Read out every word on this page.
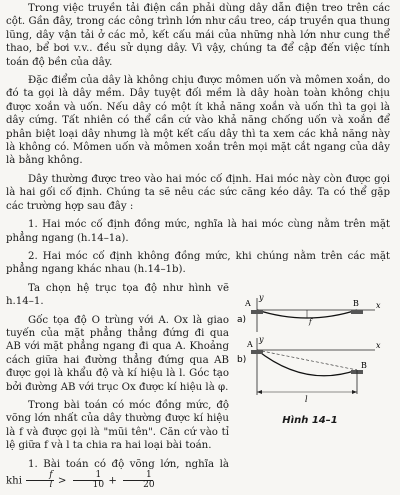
Trong việc truyền tải điện cần phải dùng dây dẫn điện treo trên các cột. Gần đây, trong các công trình lớn như cầu treo, cáp truyền qua thung lũng, dây vận tải ở các mỏ, kết cấu mái của những nhà lớn như cung thể thao, bể bơi v.v.. đều sử dụng dây. Vì vậy, chúng ta để cập đến việc tính toán độ bền của dây.

Đặc điểm của dây là không chịu được mômen uốn và mômen xoắn, do đó ta gọi là dây mềm. Dây tuyệt đối mềm là dây hoàn toàn không chịu được xoắn và uốn. Nếu dây có một ít khả năng xoắn và uốn thì ta gọi là dây cứng. Tất nhiên có thể cần cứ vào khả năng chống uốn và xoắn để phân biệt loại dây nhưng là một kết cấu dây thì ta xem các khả năng này là không có. Mômen uốn và mômen xoắn trên mọi mặt cắt ngang của dây là bằng không.

Dây thường được treo vào hai móc cố định. Hai móc này còn được gọi là hai gối cố định. Chúng ta sẽ nêu các sức căng kéo dây. Ta có thể gặp các trường hợp sau đây :

1. Hai móc cố định đồng mức, nghĩa là hai móc cùng nằm trên mặt phẳng ngang (h.14–1a).

2. Hai móc cố định không đồng mức, khi chúng nằm trên các mặt phẳng ngang khác nhau (h.14–1b).

Ta chọn hệ trục tọa độ như hình vẽ h.14–1.

Gốc tọa độ O trùng với A. Ox là giao tuyến của mặt phẳng thẳng đứng đi qua AB với mặt phẳng ngang đi qua A. Khoảng cách giữa hai đường thẳng đứng qua AB được gọi là khẩu độ và kí hiệu là l. Góc tạo bởi đường AB với trục Ox được kí hiệu là φ.

Trong bài toán có móc đồng mức, độ võng lớn nhất của dây thường được kí hiệu là f và được gọi là "mũi tên". Căn cứ vào tỉ lệ giữa f và l ta chia ra hai loại bài toán.

1. Bài toán có độ võng lớn, nghĩa là khi $\frac{f}{l} > \frac{1}{10} + \frac{1}{20}$

a)
y
x
A	B
f
b)
y
x
A
B
l
Hình 14–1
